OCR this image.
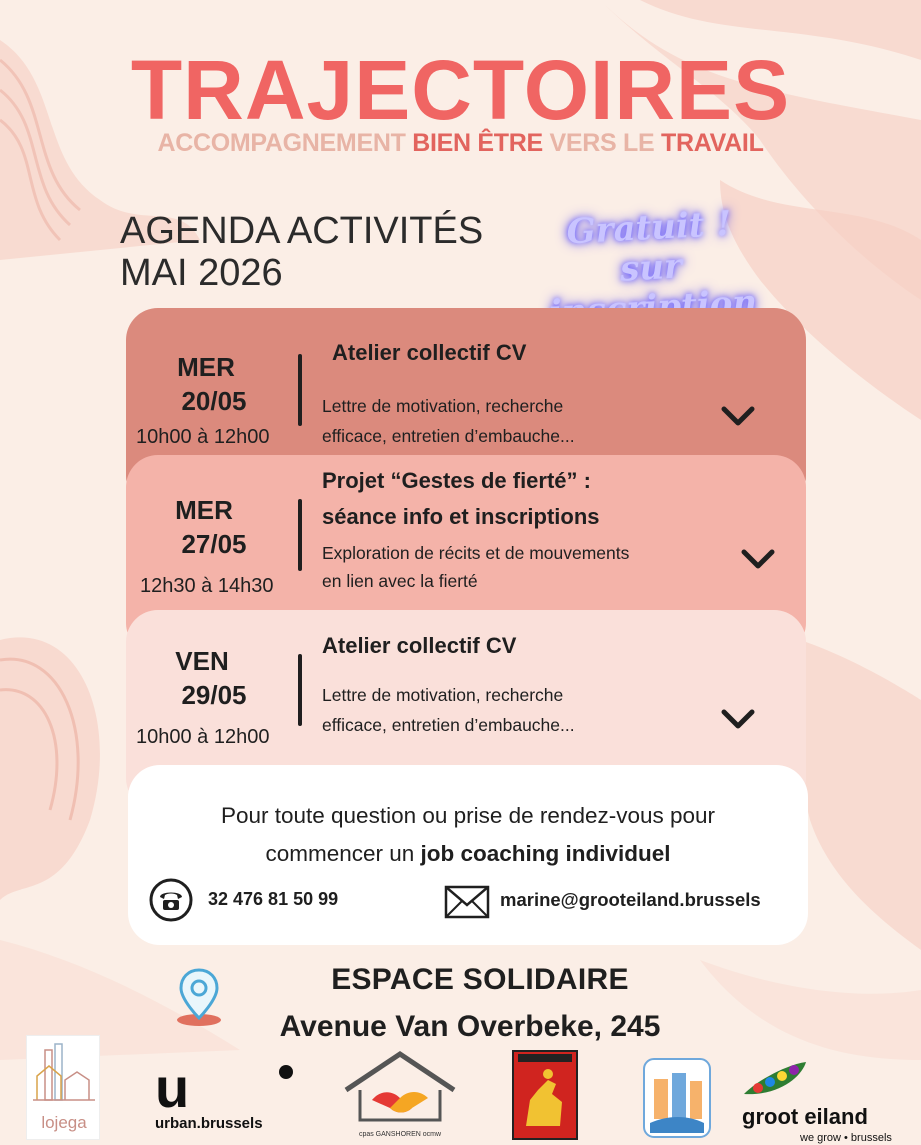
TRAJECTOIRES
ACCOMPAGNEMENT BIEN ÊTRE VERS LE TRAVAIL
AGENDA ACTIVITÉS
MAI 2026
Gratuit !
sur
MER
20/05
10h00 à 12h00
Atelier collectif CV
Lettre de motivation, recherche
efficace, entretien d’embauche...
MER
27/05
12h30 à 14h30
Projet “Gestes de fierté” :
séance info et inscriptions
Exploration de récits et de mouvements
en lien avec la fierté
VEN
29/05
10h00 à 12h00
Atelier collectif CV
Lettre de motivation, recherche
efficace, entretien d’embauche...
Pour toute question ou prise de rendez-vous pour
commencer un job coaching individuel
32 476 81 50 99	marine@grooteiland.brussels
ESPACE SOLIDAIRE
Avenue Van Overbeke, 245
lojega
u
urban.brussels
cpas GANSHOREN ocmw
groot eiland
we grow • brussels
